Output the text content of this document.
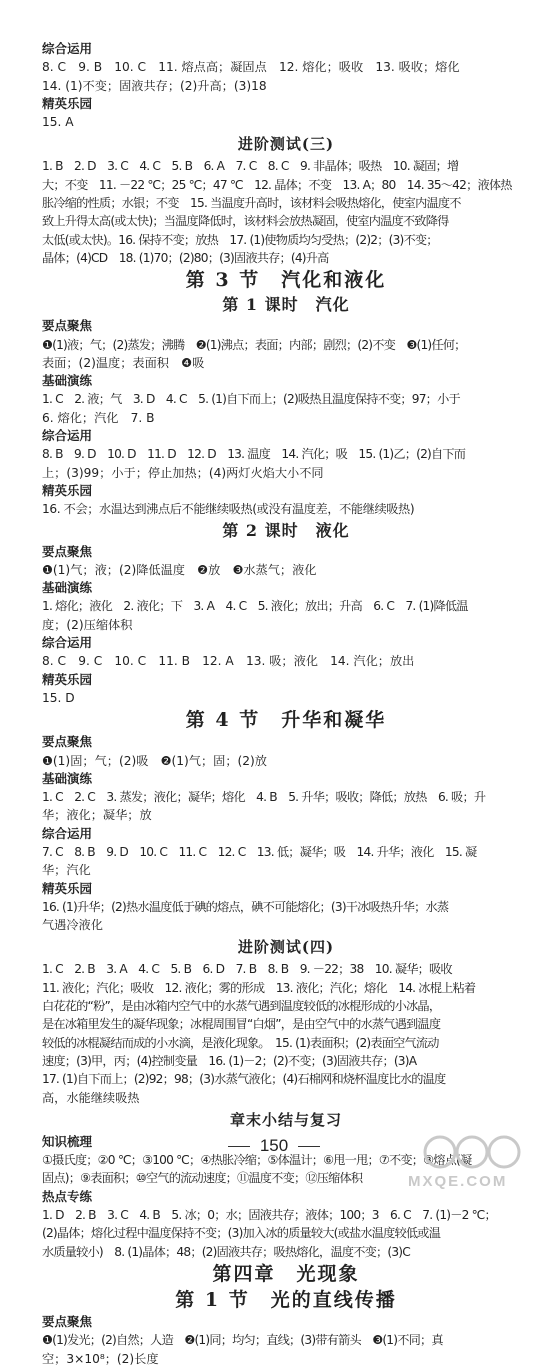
综合运用
8. C　9. B　10. C　11. 熔点高；凝固点　12. 熔化；吸收　13. 吸收；熔化
14. (1)不变；固液共存；(2)升高；(3)18
精英乐园
15. A
进阶测试(三)
1. B　2. D　3. C　4. C　5. B　6. A　7. C　8. C　9. 非晶体；吸热　10. 凝固；增
大；不变　11. －22 ℃；25 ℃；47 ℃　12. 晶体；不变　13. A；80　14. 35～42；液体热
胀冷缩的性质；水银；不变　15. 当温度升高时，该材料会吸热熔化，使室内温度不
致上升得太高(或太快)；当温度降低时，该材料会放热凝固，使室内温度不致降得
太低(或太快)。16. 保持不变；放热　17. (1)使物质均匀受热；(2)2；(3)不变；
晶体；(4)CD　18. (1)70；(2)80；(3)固液共存；(4)升高
第 3 节　汽化和液化
第 1 课时　汽化
要点聚焦
❶(1)液；气；(2)蒸发；沸腾　❷(1)沸点；表面；内部；剧烈；(2)不变　❸(1)任何；
表面；(2)温度；表面积　❹吸
基础演练
1. C　2. 液；气　3. D　4. C　5. (1)自下而上；(2)吸热且温度保持不变；97；小于
6. 熔化；汽化　7. B
综合运用
8. B　9. D　10. D　11. D　12. D　13. 温度　14. 汽化；吸　15. (1)乙；(2)自下而
上；(3)99；小于；停止加热；(4)两灯火焰大小不同
精英乐园
16. 不会；水温达到沸点后不能继续吸热(或没有温度差，不能继续吸热)
第 2 课时　液化
要点聚焦
❶(1)气；液；(2)降低温度　❷放　❸水蒸气；液化
基础演练
1. 熔化；液化　2. 液化；下　3. A　4. C　5. 液化；放出；升高　6. C　7. (1)降低温
度；(2)压缩体积
综合运用
8. C　9. C　10. C　11. B　12. A　13. 吸；液化　14. 汽化；放出
精英乐园
15. D
第 4 节　升华和凝华
要点聚焦
❶(1)固；气；(2)吸　❷(1)气；固；(2)放
基础演练
1. C　2. C　3. 蒸发；液化；凝华；熔化　4. B　5. 升华；吸收；降低；放热　6. 吸；升
华；液化；凝华；放
综合运用
7. C　8. B　9. D　10. C　11. C　12. C　13. 低；凝华；吸　14. 升华；液化　15. 凝
华；汽化
精英乐园
16. (1)升华；(2)热水温度低于碘的熔点，碘不可能熔化；(3)干冰吸热升华；水蒸
气遇冷液化
进阶测试(四)
1. C　2. B　3. A　4. C　5. B　6. D　7. B　8. B　9. －22；38　10. 凝华；吸收
11. 液化；汽化；吸收　12. 液化；雾的形成　13. 液化；汽化；熔化　14. 冰棍上粘着
白花花的“粉”，是由冰箱内空气中的水蒸气遇到温度较低的冰棍形成的小冰晶，
是在冰箱里发生的凝华现象；冰棍周围冒“白烟”，是由空气中的水蒸气遇到温度
较低的冰棍凝结而成的小水滴，是液化现象。　15. (1)表面积；(2)表面空气流动
速度；(3)甲，丙；(4)控制变量　16. (1)－2；(2)不变；(3)固液共存；(3)A
17. (1)自下而上；(2)92；98；(3)水蒸气液化；(4)石棉网和烧杯温度比水的温度
高，水能继续吸热
章末小结与复习
知识梳理
①摄氏度；②0 ℃；③100 ℃；④热胀冷缩；⑤体温计；⑥甩一甩；⑦不变；⑧熔点(凝
固点)；⑨表面积；⑩空气的流动速度；⑪温度不变；⑫压缩体积
热点专练
1. D　2. B　3. C　4. B　5. 冰；0；水；固液共存；液体；100；3　6. C　7. (1)－2 ℃；
(2)晶体；熔化过程中温度保持不变；(3)加入冰的质量较大(或盐水温度较低或温
水质量较小)　8. (1)晶体；48；(2)固液共存；吸热熔化，温度不变；(3)C
第四章　光现象
第 1 节　光的直线传播
要点聚焦
❶(1)发光；(2)自然；人造　❷(1)同；均匀；直线；(3)带有箭头　❸(1)不同；真
空；3×10⁸；(2)长度
150
MXQE.COM
